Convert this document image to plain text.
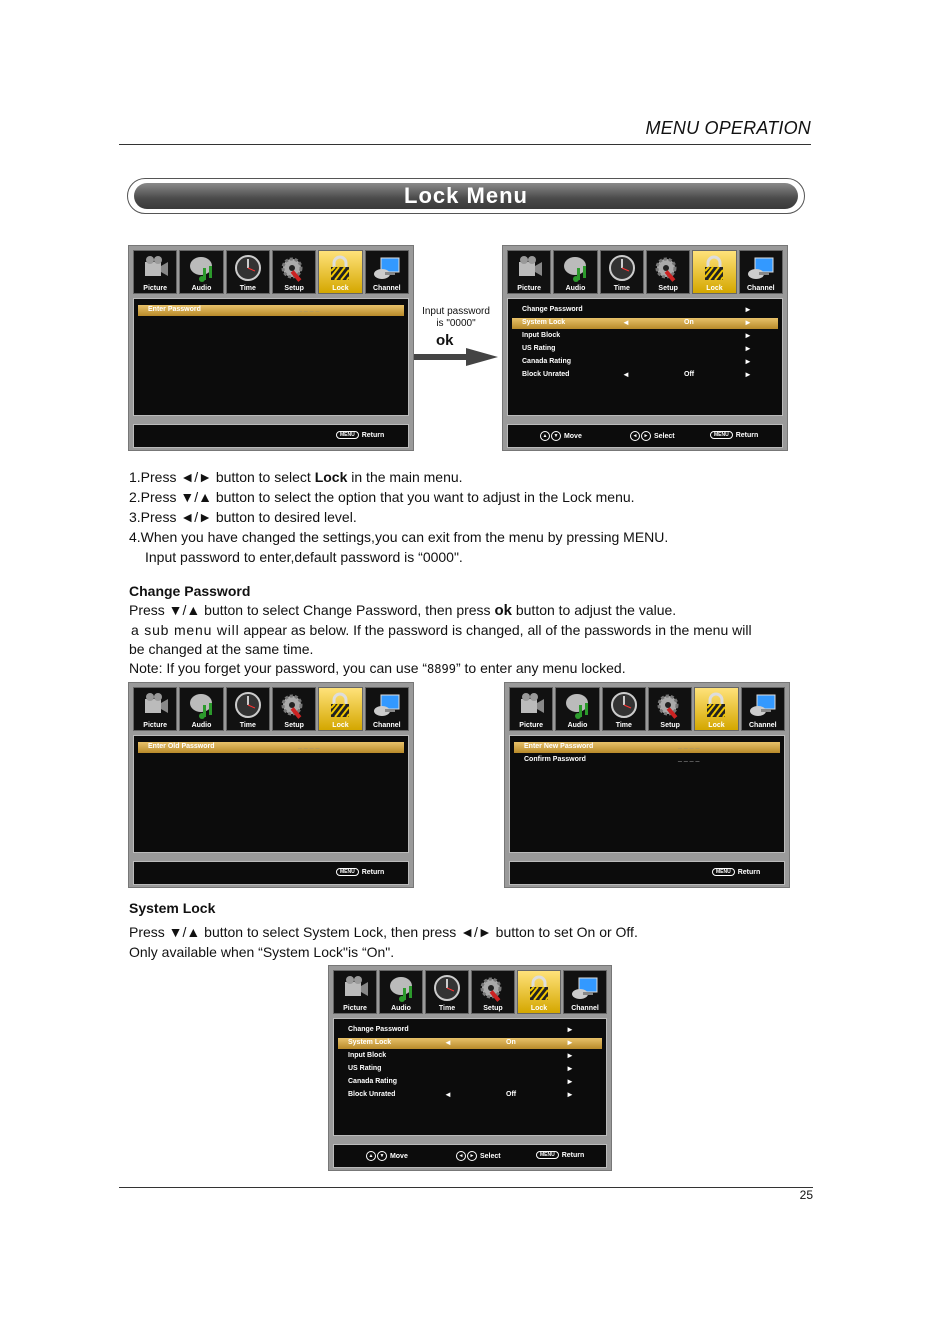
MENU OPERATION
Lock Menu
Picture	Audio	Time	Setup	Lock	Channel
Enter Password	_ _ _ _
MENU Return
Input password
is "0000"
ok
Picture	Audio	Time	Setup	Lock	Channel
Change Password	►
System Lock	◄	On	►
Input Block	►
US Rating	►
Canada Rating	►
Block Unrated	◄	Off	►
▲ ▼ Move	◄ ► Select	MENU Return
1.Press ◄/► button to select Lock in the main menu.
2.Press ▼/▲ button to select the option that you want to adjust in the Lock menu.
3.Press ◄/► button to desired level.
4.When you have changed the settings,you can exit from the menu by pressing MENU.
Input password to enter,default password is “0000".
Change Password
Press ▼/▲ button to select Change Password, then press ok button to adjust the value.
a sub menu will appear as below. If the password is changed, all of the passwords in the menu will
be changed at the same time.
Note: If you forget your password, you can use “8899” to enter any menu locked.
Picture	Audio	Time	Setup	Lock	Channel
Enter Old Password	_ _ _ _
MENU Return
Picture	Audio	Time	Setup	Lock	Channel
Enter New Password	_ _ _ _
Confirm Password	_ _ _ _
MENU Return
System Lock
Press ▼/▲ button to select System Lock, then press ◄/► button to set On or Off.
Only available when “System Lock"is “On".
Picture	Audio	Time	Setup	Lock	Channel
Change Password	►
System Lock	◄	On	►
Input Block	►
US Rating	►
Canada Rating	►
Block Unrated	◄	Off	►
▲ ▼ Move	◄ ► Select	MENU Return
25
